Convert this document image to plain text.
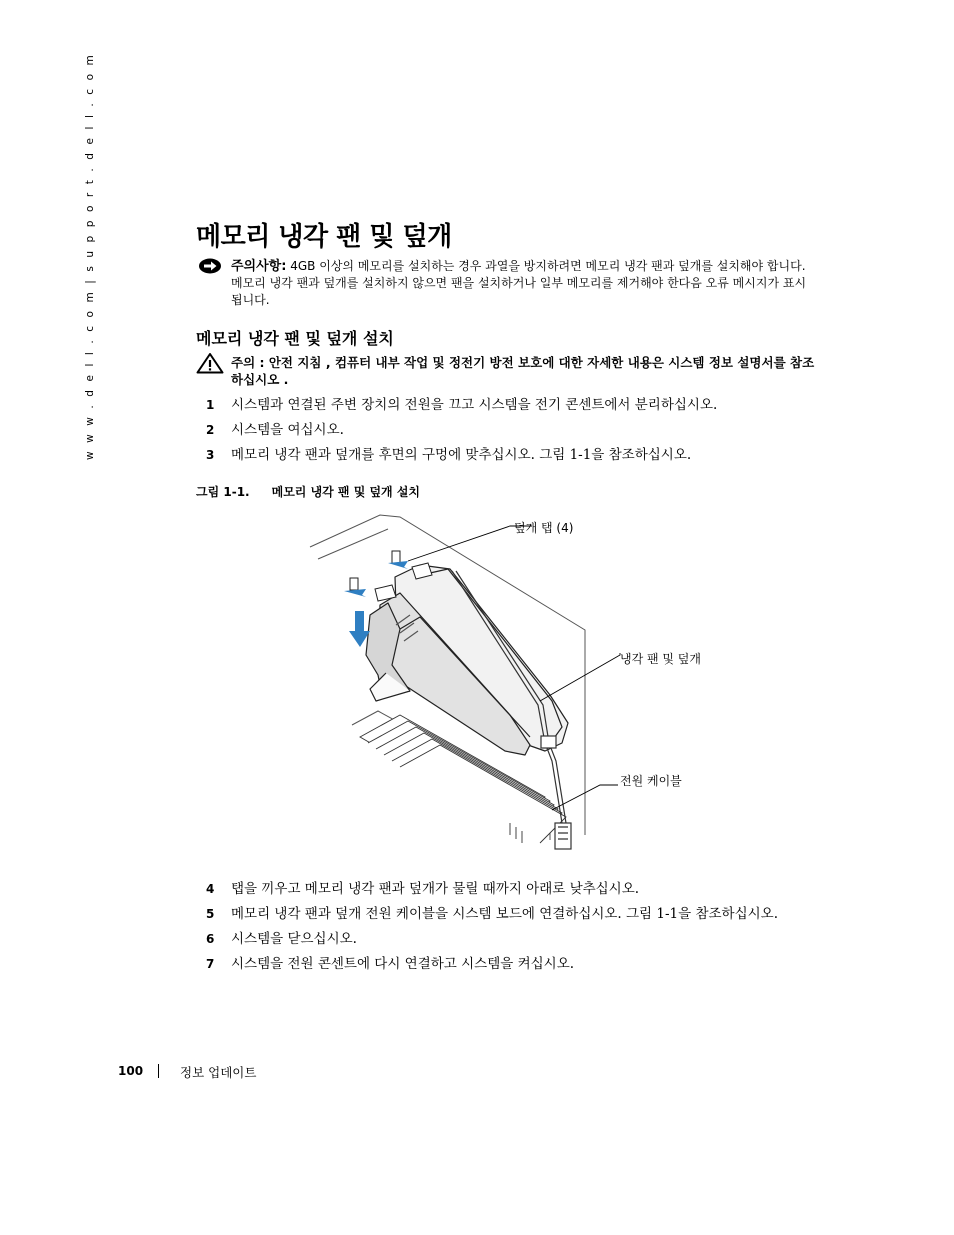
w w w . d e l l . c o m | s u p p o r t . d e l l . c o m	메모리 냉각 팬 및 덮개
주의사항: 4GB 이상의 메모리를 설치하는 경우 과열을 방지하려면 메모리 냉각 팬과 덮개를 설치해야 합니다. 메모리 냉각 팬과 덮개를 설치하지 않으면 팬을 설치하거나 일부 메모리를 제거해야 한다음 오류 메시지가 표시됩니다.
메모리 냉각 팬 및 덮개 설치
주의 : 안전 지침 , 컴퓨터 내부 작업 및 정전기 방전 보호에 대한 자세한 내용은 시스템 정보 설명서를 참조하십시오 .
1 시스템과 연결된 주변 장치의 전원을 끄고 시스템을 전기 콘센트에서 분리하십시오.
2 시스템을 여십시오.
3 메모리 냉각 팬과 덮개를 후면의 구멍에 맞추십시오. 그림 1-1을 참조하십시오.
그림 1-1. 메모리 냉각 팬 및 덮개 설치
덮개 탭 (4)
냉각 팬 및 덮개
전원 케이블
4 탭을 끼우고 메모리 냉각 팬과 덮개가 물릴 때까지 아래로 낮추십시오.
5 메모리 냉각 팬과 덮개 전원 케이블을 시스템 보드에 연결하십시오. 그림 1-1을 참조하십시오.
6 시스템을 닫으십시오.
7 시스템을 전원 콘센트에 다시 연결하고 시스템을 켜십시오.
100	정보 업데이트
